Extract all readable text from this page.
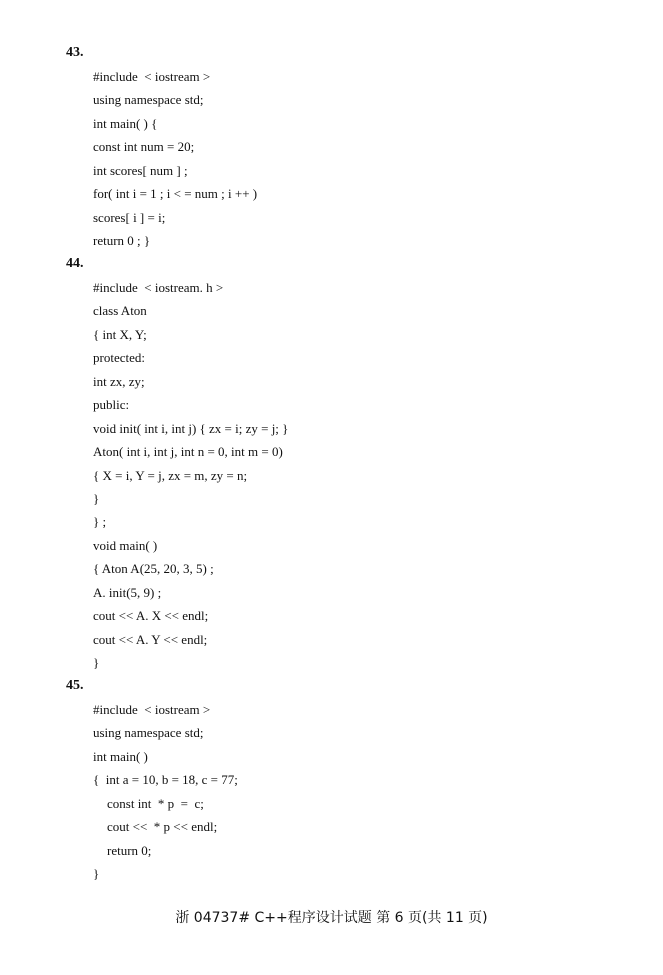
43.
#include  < iostream >
using namespace std;
int main( ) {
const int num = 20;
int scores[ num ] ;
for( int i = 1 ; i < = num ; i ++ )
scores[ i ] = i;
return 0 ; }
44.
#include  < iostream. h >
class Aton
{ int X, Y;
protected:
int zx, zy;
public:
void init( int i, int j) { zx = i; zy = j; }
Aton( int i, int j, int n = 0, int m = 0)
{ X = i, Y = j, zx = m, zy = n;
}
} ;
void main( )
{ Aton A(25, 20, 3, 5) ;
A. init(5, 9) ;
cout << A. X << endl;
cout << A. Y << endl;
}
45.
#include  < iostream >
using namespace std;
int main( )
{  int a = 10, b = 18, c = 77;
const int  * p  =  c;
cout <<  * p << endl;
return 0;
}
浙 04737# C++程序设计试题 第 6 页(共 11 页)
